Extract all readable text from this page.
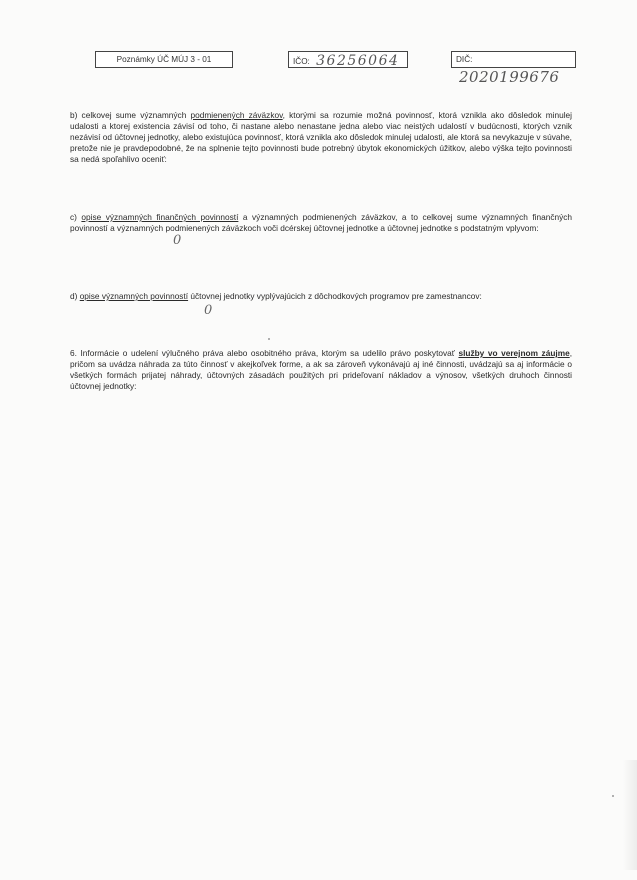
Poznámky ÚČ MÚJ 3 - 01	IČO: 36256064	DIČ: 2020199676
b) celkovej sume významných podmienených záväzkov, ktorými sa rozumie možná povinnosť, ktorá vznikla ako dôsledok minulej udalosti a ktorej existencia závisí od toho, či nastane alebo nenastane jedna alebo viac neistých udalostí v budúcnosti, ktorých vznik nezávisí od účtovnej jednotky, alebo existujúca povinnosť, ktorá vznikla ako dôsledok minulej udalosti, ale ktorá sa nevykazuje v súvahe, pretože nie je pravdepodobné, že na splnenie tejto povinnosti bude potrebný úbytok ekonomických úžitkov, alebo výška tejto povinnosti sa nedá spoľahlivo oceniť:
c) opise významných finančných povinností a významných podmienených záväzkov, a to celkovej sume významných finančných povinností a významných podmienených záväzkoch voči dcérskej účtovnej jednotke a účtovnej jednotke s podstatným vplyvom:
0
d) opise významných povinností účtovnej jednotky vyplývajúcich z dôchodkových programov pre zamestnancov:
0
6. Informácie o udelení výlučného práva alebo osobitného práva, ktorým sa udelilo právo poskytovať služby vo verejnom záujme, pričom sa uvádza náhrada za túto činnosť v akejkoľvek forme, a ak sa zároveň vykonávajú aj iné činnosti, uvádzajú sa aj informácie o všetkých formách prijatej náhrady, účtovných zásadách použitých pri prideľovaní nákladov a výnosov, všetkých druhoch činnosti účtovnej jednotky:
